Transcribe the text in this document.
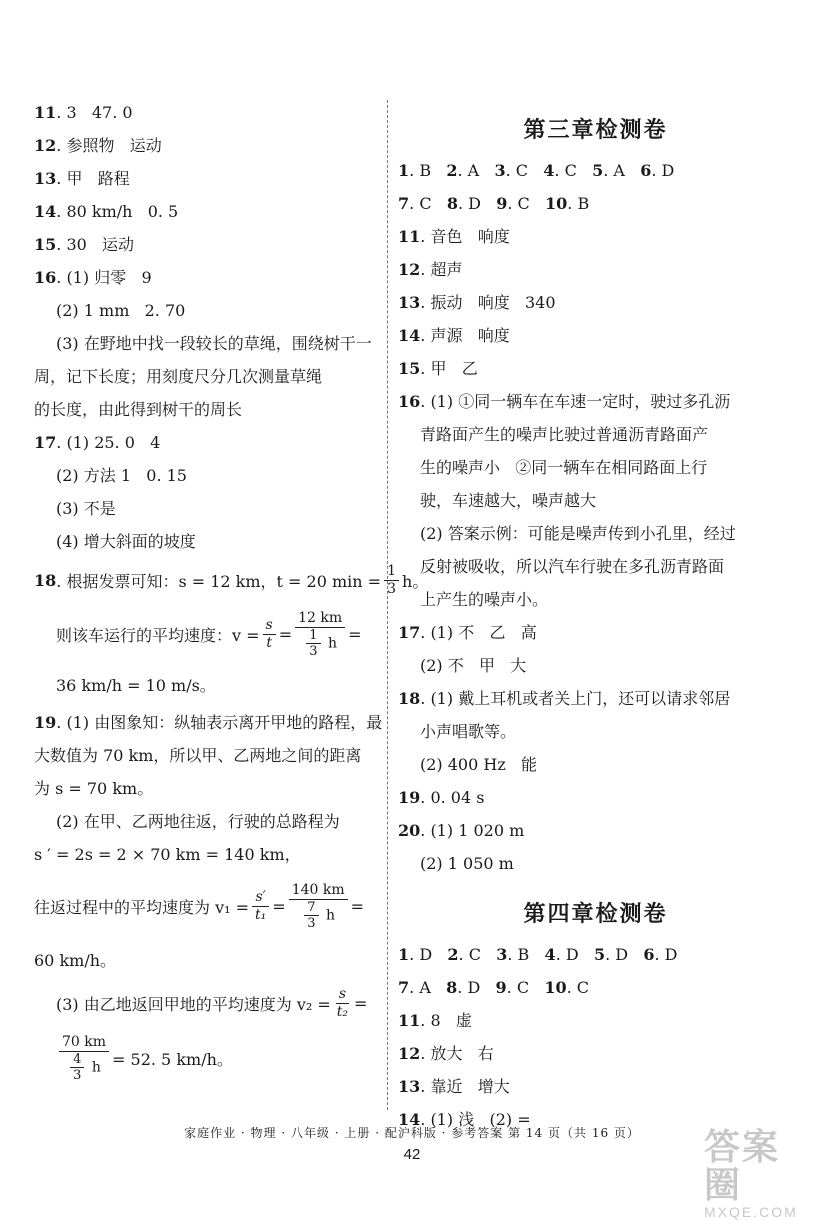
11. 3   47. 0

12. 参照物   运动

13. 甲   路程

14. 80 km/h   0. 5

15. 30   运动

16. (1) 归零   9

(2) 1 mm   2. 70

(3) 在野地中找一段较长的草绳，围绕树干一

周，记下长度；用刻度尺分几次测量草绳

的长度，由此得到树干的周长

17. (1) 25. 0   4

(2) 方法 1   0. 15

(3) 不是

(4) 增大斜面的坡度

18 . 根据发票可知：s = 12 km，t = 20 $\min = \frac{1}{3}$ h。
则该车运行的平均速度：$v = \frac{s}{t} = \frac{12 km}{\frac{1}{3} h}$ =

36 km/h = 10 m/s。

19. (1) 由图象知：纵轴表示离开甲地的路程，最

大数值为 70 km，所以甲、乙两地之间的距离

为 s = 70 km。

(2) 在甲、乙两地往返，行驶的总路程为

s ′ = 2s = 2 × 70 km = 140 km，

往返过程中的平均速度为 $v_1 = \frac{s'}{\text{t₁}} = \frac{140 km}{\frac{7}{3} h}$ =

60 km/h。

(3) 由乙地返回甲地的平均速度为 $v_2 = \frac{s}{\text{t₂}}$ =
$\frac{70 km}{\frac{4}{3} h} = 52$. 5 km/h。

第三章检测卷

1. B   2. A   3. C   4. C   5. A   6. D

7. C   8. D   9. C   10. B

11. 音色   响度

12. 超声

13. 振动   响度   340

14. 声源   响度

15. 甲   乙

16. (1) ①同一辆车在车速一定时，驶过多孔沥

青路面产生的噪声比驶过普通沥青路面产

生的噪声小   ②同一辆车在相同路面上行

驶，车速越大，噪声越大

(2) 答案示例：可能是噪声传到小孔里，经过

反射被吸收，所以汽车行驶在多孔沥青路面

上产生的噪声小。

17. (1) 不   乙   高

(2) 不   甲   大

18. (1) 戴上耳机或者关上门，还可以请求邻居

小声唱歌等。

(2) 400 Hz   能

19. 0. 04 s

20. (1) 1 020 m

(2) 1 050 m

第四章检测卷

1. D   2. C   3. B   4. D   5. D   6. D

7. A   8. D   9. C   10. C

11. 8   虚

12. 放大   右

13. 靠近   增大

14. (1) 浅   (2) =

家庭作业 · 物理 · 八年级 · 上册 · 配沪科版 · 参考答案 第 14 页（共 16 页）
42	答案圈
MXQE.COM
